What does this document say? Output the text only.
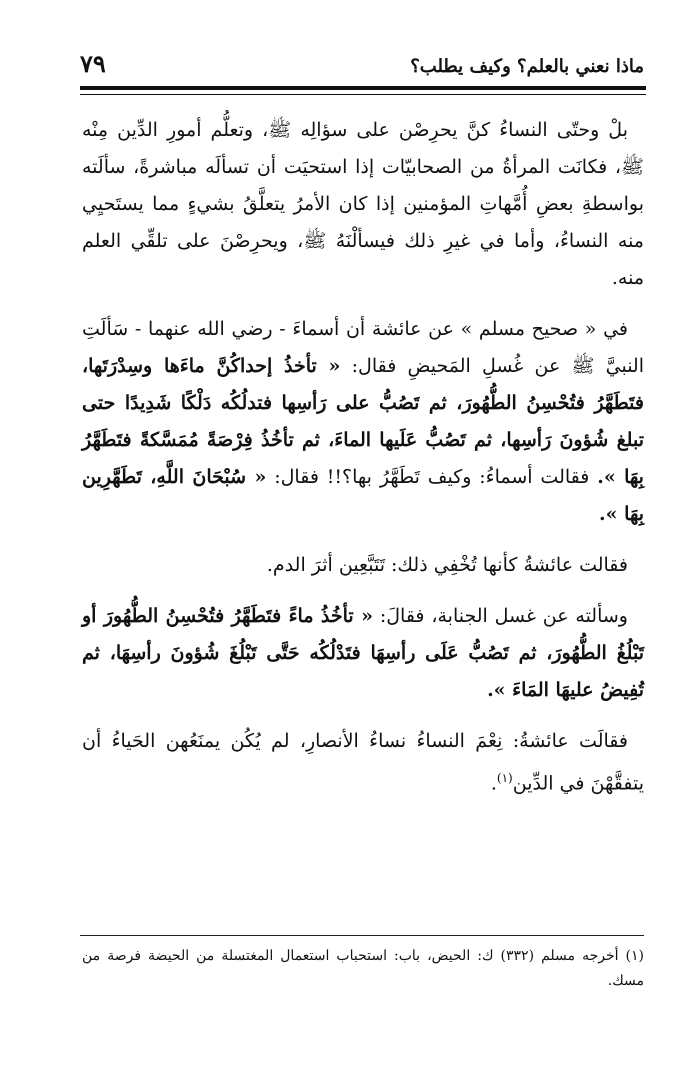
ماذا نعني بالعلم؟ وكيف يطلب؟
٧٩

بلْ وحتّى النساءُ كنَّ يحرِصْن على سؤالِه ﷺ، وتعلُّم أمورِ الدِّين مِنْه ﷺ، فكانَت المرأةُ من الصحابيّات إذا استحيَت أن تسألَه مباشرةً، سألَته بواسطةِ بعضِ أُمَّهاتِ المؤمنين إذا كان الأمرُ يتعلَّقُ بشيءٍ مما يستَحيِي منه النساءُ، وأما في غيرِ ذلك فيسألْنَهُ ﷺ، ويحرِصْنَ على تلقِّي العلم منه.

في « صحيح مسلم » عن عائشة أن أسماءَ - رضي الله عنهما - سَألَتِ النبيَّ ﷺ عن غُسلِ المَحيضِ فقال: « تأخذُ إحداكُنَّ ماءَها وسِدْرَتَها، فتَطَهَّرُ فتُحْسِنُ الطُّهُورَ، ثم تَصُبُّ على رَأسِها فتدلُكُه دَلْكًا شَدِيدًا حتى تبلغ شُؤونَ رَأسِها، ثم تَصُبُّ عَلَيها الماءَ، ثم تأخُذُ فِرْصَةً مُمَسَّكةً فتَطَهَّرُ بِهَا ». فقالت أسماءُ: وكيف تَطَهَّرُ بها؟!! فقال: « سُبْحَانَ اللَّهِ، تَطَهَّرِين بِهَا ».

فقالت عائشةُ كأنها تُخْفِي ذلك: تَتَبَّعِين أثرَ الدم.

وسألته عن غسل الجنابة، فقالَ: « تأخُذُ ماءً فتَطَهَّرُ فتُحْسِنُ الطُّهُورَ أو تَبْلُغُ الطُّهُورَ، ثم تَصُبُّ عَلَى رأسِهَا فتَدْلُكُه حَتَّى تَبْلُغَ شُؤونَ رأسِهَا، ثم تُفِيضُ عليهَا المَاءَ ».

فقالَت عائشةُ: نِعْمَ النساءُ نساءُ الأنصارِ، لم يُكُن يمنَعُهن الحَياءُ أن يتفقَّهْنَ في الدِّين$^{(١)}$.

(١) أخرجه مسلم (٣٣٢) ك: الحيض، باب: استحباب استعمال المغتسلة من الحيضة فرصة من مسك.
